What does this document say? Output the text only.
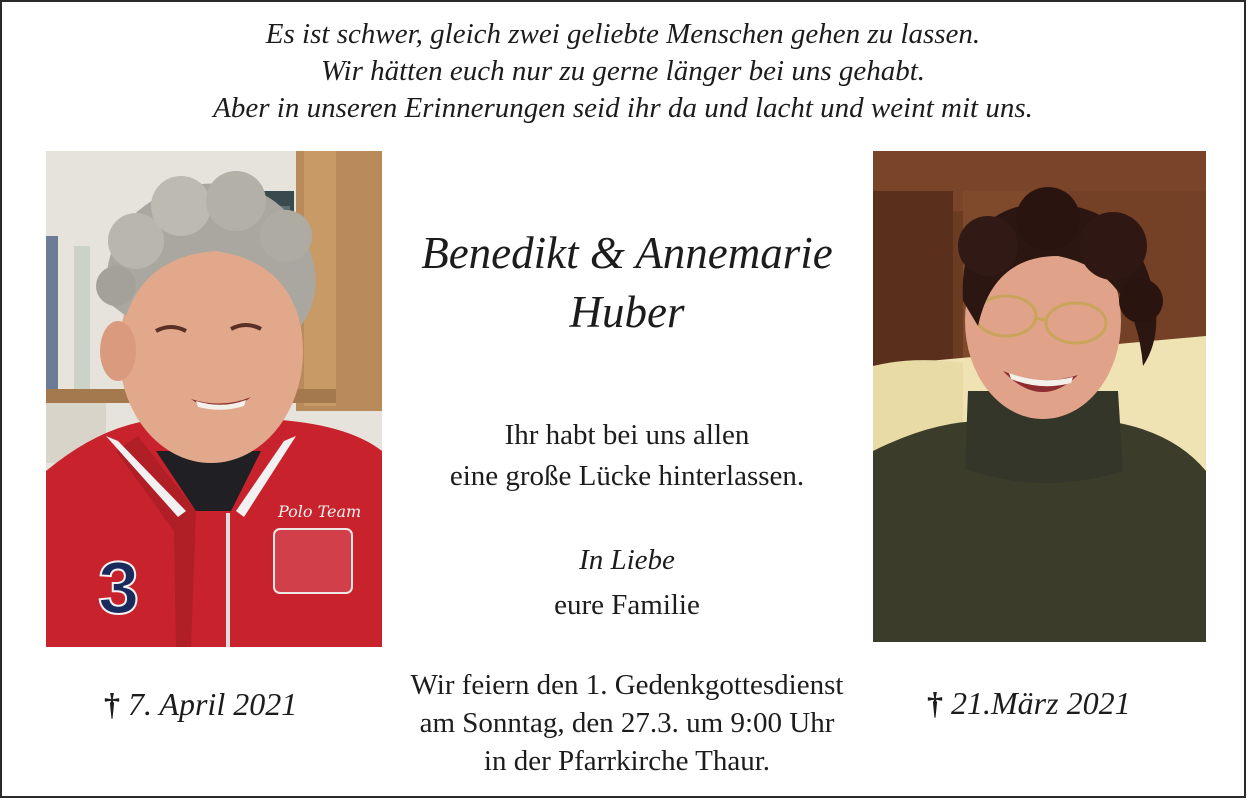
Es ist schwer, gleich zwei geliebte Menschen gehen zu lassen.
Wir hätten euch nur zu gerne länger bei uns gehabt.
Aber in unseren Erinnerungen seid ihr da und lacht und weint mit uns.
3
Polo Team
Benedikt & Annemarie
Huber
Ihr habt bei uns allen
eine große Lücke hinterlassen.
In Liebe
eure Familie
Wir feiern den 1. Gedenkgottesdienst
am Sonntag, den 27.3. um 9:00 Uhr
in der Pfarrkirche Thaur.
† 7. April 2021	† 21.März 2021
